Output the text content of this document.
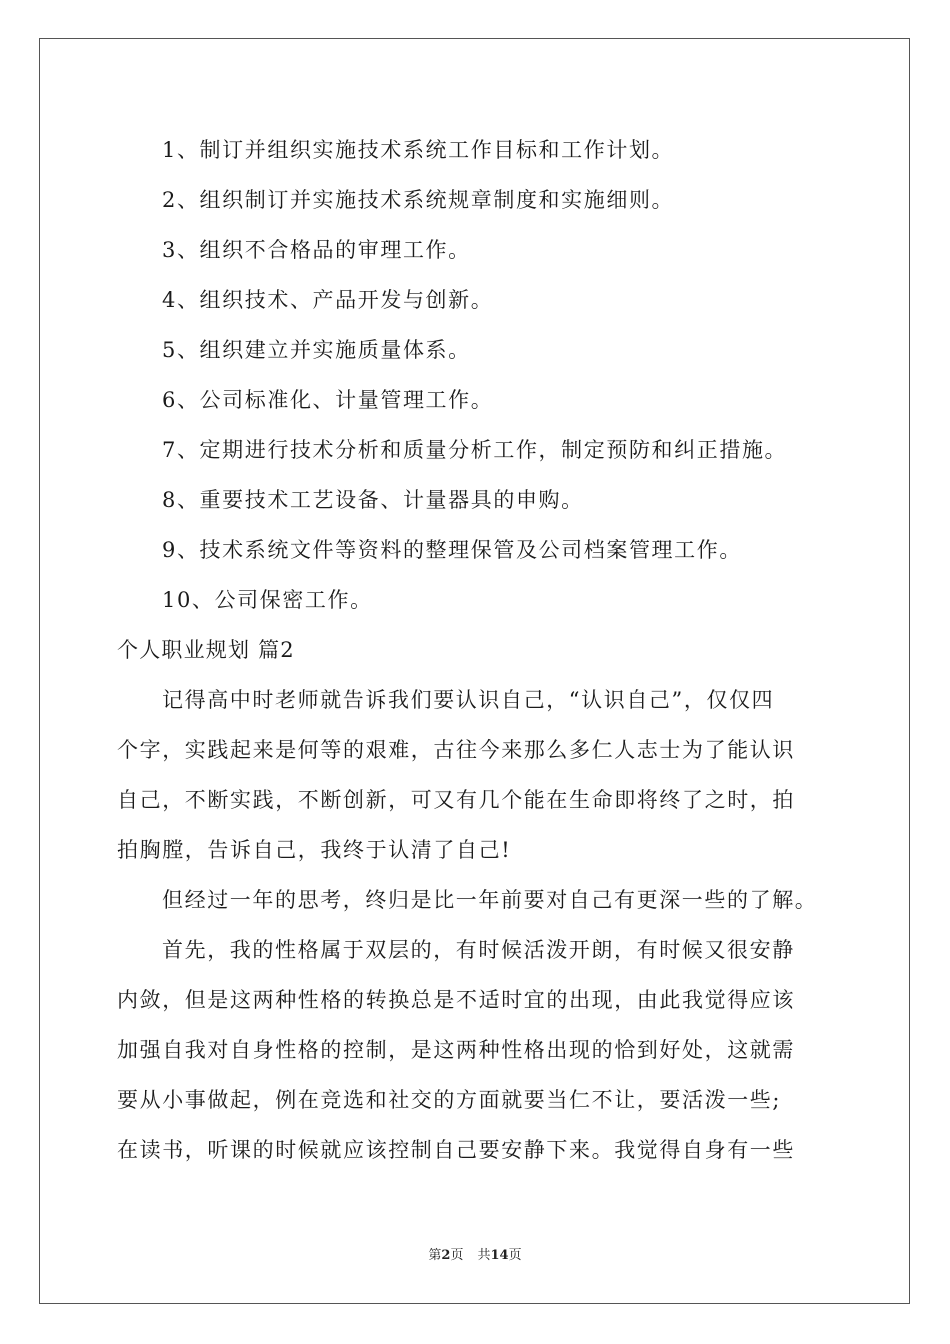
1、制订并组织实施技术系统工作目标和工作计划。
2、组织制订并实施技术系统规章制度和实施细则。
3、组织不合格品的审理工作。
4、组织技术、产品开发与创新。
5、组织建立并实施质量体系。
6、公司标准化、计量管理工作。
7、定期进行技术分析和质量分析工作，制定预防和纠正措施。
8、重要技术工艺设备、计量器具的申购。
9、技术系统文件等资料的整理保管及公司档案管理工作。
10、公司保密工作。
个人职业规划 篇2
记得高中时老师就告诉我们要认识自己，“认识自己”，仅仅四
个字，实践起来是何等的艰难，古往今来那么多仁人志士为了能认识
自己，不断实践，不断创新，可又有几个能在生命即将终了之时，拍
拍胸膛，告诉自己，我终于认清了自己!
但经过一年的思考，终归是比一年前要对自己有更深一些的了解。
首先，我的性格属于双层的，有时候活泼开朗，有时候又很安静
内敛，但是这两种性格的转换总是不适时宜的出现，由此我觉得应该
加强自我对自身性格的控制，是这两种性格出现的恰到好处，这就需
要从小事做起，例在竞选和社交的方面就要当仁不让，要活泼一些;
在读书，听课的时候就应该控制自己要安静下来。我觉得自身有一些
第2页 共14页
